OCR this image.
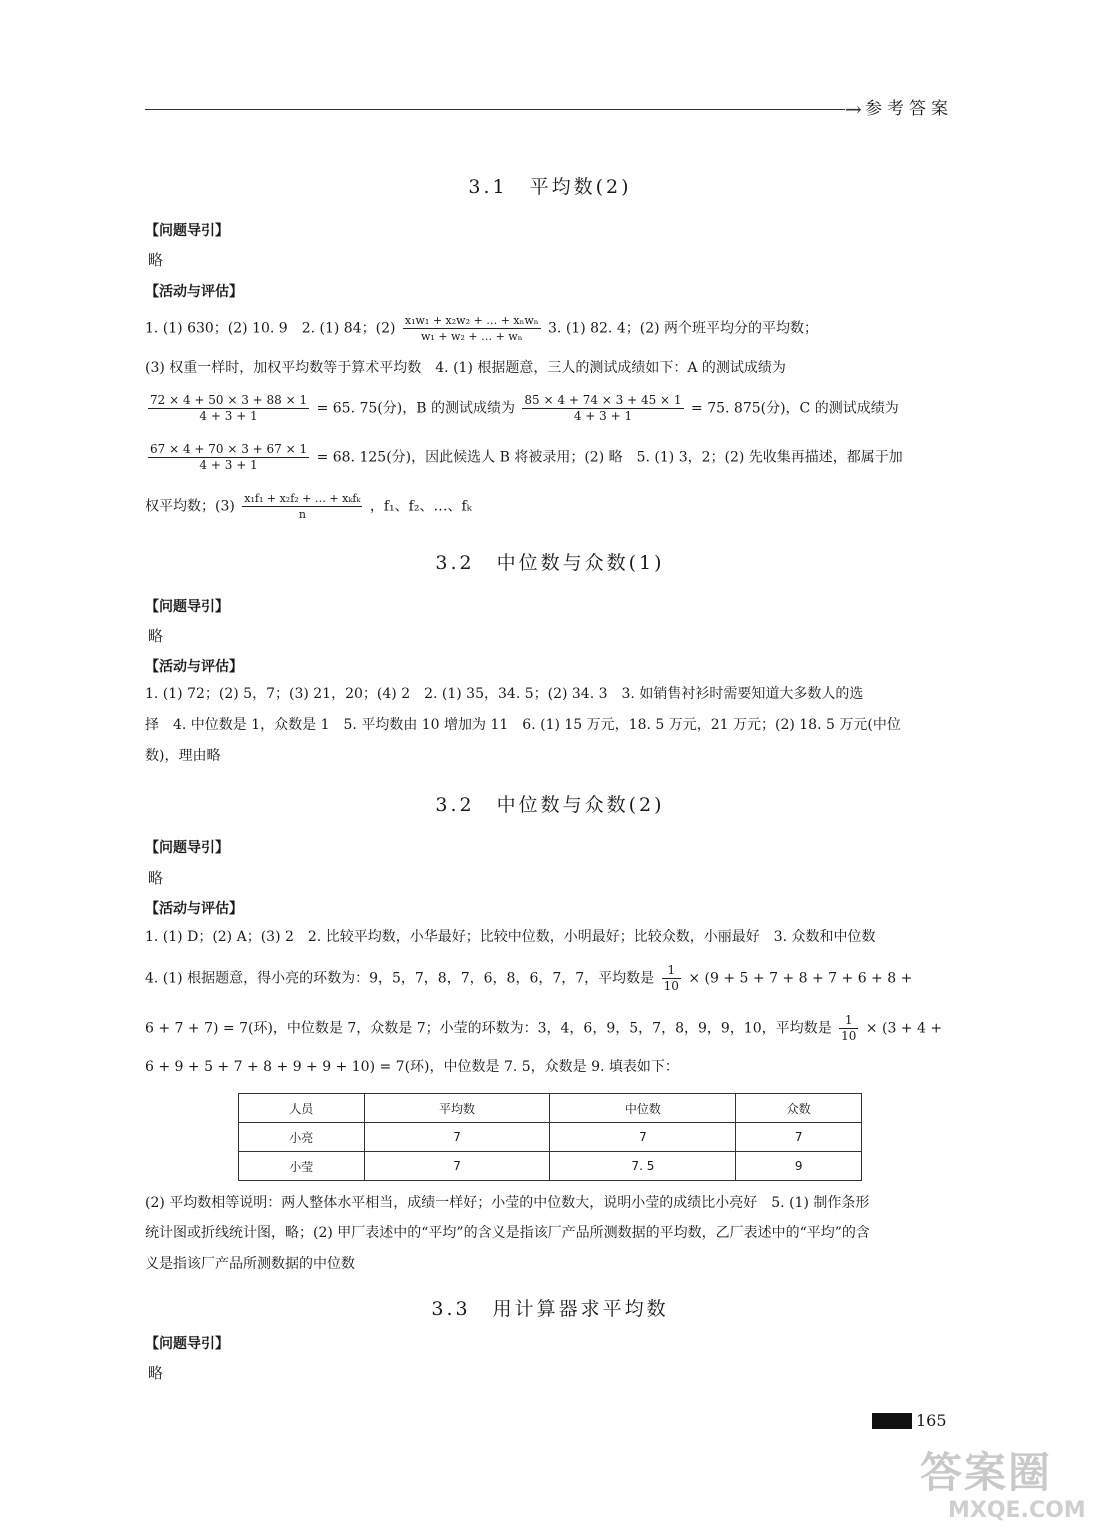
→ 参考答案
3.1　平均数(2)
【问题导引】
略
【活动与评估】
1. (1) 630；(2) 10. 9　2. (1) 84；$(2) \frac{\text{x₁w₁ + x₂w₂ + … + xₙwₙ}}{\text{w₁ + w₂ + … + wₙ}} 3$. (1) 82. 4；(2) 两个班平均分的平均数；
(3) 权重一样时，加权平均数等于算术平均数　4. (1) 根据题意，三人的测试成绩如下：A 的测试成绩为
$\frac{72 \times 4 + 50 \times 3 + 88 \times 1}{4 + 3 + 1} = 65$. 75(分)，B 的测试成绩为 $\frac{85 \times 4 + 74 \times 3 + 45 \times 1}{4 + 3 + 1} = 75$. 875(分)，C 的测试成绩为
$\frac{67 \times 4 + 70 \times 3 + 67 \times 1}{4 + 3 + 1} = 68$. 125(分)，因此候选人 B 将被录用；(2) 略　5. (1) 3，2；(2) 先收集再描述，都属于加
权平均数；$(3) \frac{\text{x₁f₁ + x₂f₂ + … + xₖfₖ}}{n}$ ，f₁、f₂、…、fₖ
3.2　中位数与众数(1)
【问题导引】
略
【活动与评估】
1. (1) 72；(2) 5，7；(3) 21，20；(4) 2　2. (1) 35，34. 5；(2) 34. 3　3. 如销售衬衫时需要知道大多数人的选
择　4. 中位数是 1，众数是 1　5. 平均数由 10 增加为 11　6. (1) 15 万元，18. 5 万元，21 万元；(2) 18. 5 万元(中位
数)，理由略
3.2　中位数与众数(2)
【问题导引】
略
【活动与评估】
1. (1) D；(2) A；(3) 2　2. 比较平均数，小华最好；比较中位数，小明最好；比较众数，小丽最好　3. 众数和中位数
4. (1) 根据题意，得小亮的环数为：9，5，7，8，7，6，8，6，7，7，平均数是 $\frac{1}{10} \times (9 + 5 + 7 + 8 + 7 + 6 + 8$ +
6 + 7 + 7) = 7(环)，中位数是 7，众数是 7；小莹的环数为：3，4，6，9，5，7，8，9，9，10，平均数是 $\frac{1}{10} \times (3 + 4$ +
6 + 9 + 5 + 7 + 8 + 9 + 9 + 10) = 7(环)，中位数是 7. 5，众数是 9. 填表如下：
人员	平均数	中位数	众数
小亮	7	7	7
小莹	7	7. 5	9
(2) 平均数相等说明：两人整体水平相当，成绩一样好；小莹的中位数大，说明小莹的成绩比小亮好　5. (1) 制作条形
统计图或折线统计图，略；(2) 甲厂表述中的“平均”的含义是指该厂产品所测数据的平均数，乙厂表述中的“平均”的含
义是指该厂产品所测数据的中位数
3.3　用计算器求平均数
【问题导引】
略
165
答案圈
MXQE.COM
